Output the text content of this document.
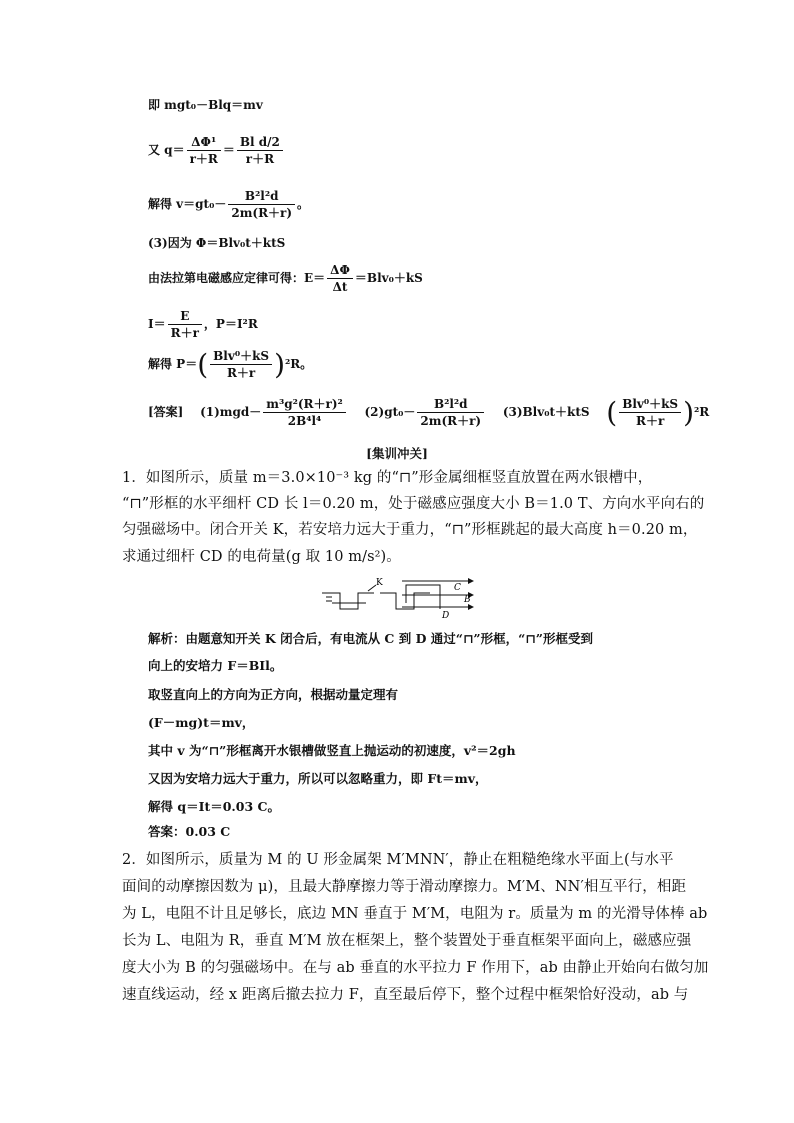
即 mgt₀－Blq＝mv
又 $q= \frac{\text{ΔΦ¹}}{r+R} = \frac{\text{Bl d/2}}{r+R}$
解得 $v=gt_0- \frac{\text{B²l²d}}{2m(R+r)}$ 。
(3)因为 Φ＝Blv₀t＋ktS
由法拉第电磁感应定律可得：$E= \frac{\Delta\Phi}{\Delta t} =Blv_0+kS$
$I= \frac{E}{R+r}$ ，P＝I²R
解得 $P=( \frac{\text{Blv⁰＋kS}}{R+r} )^2R$。
[答案] $(1)mgd- \frac{\text{m³g²(R＋r)²}}{\text{2B⁴l⁴}} (2)gt_0- \frac{\text{B²l²d}}{2m(R+r)} (3)Blv_0t+ktS$ ( $\frac{\text{Blv⁰＋kS}}{R+r} )^2R$
[集训冲关]
1．如图所示，质量 m＝3.0×10⁻³ kg 的“⊓”形金属细框竖直放置在两水银槽中，
“⊓”形框的水平细杆 CD 长 l＝0.20 m，处于磁感应强度大小 B＝1.0 T、方向水平向右的
匀强磁场中。闭合开关 K，若安培力远大于重力，“⊓”形框跳起的最大高度 h＝0.20 m，
求通过细杆 CD 的电荷量(g 取 10 m/s²)。
K	C
B
D
解析：由题意知开关 K 闭合后，有电流从 C 到 D 通过“⊓”形框，“⊓”形框受到
向上的安培力 F＝BIl。
取竖直向上的方向为正方向，根据动量定理有
(F－mg)t＝mv，
其中 v 为“⊓”形框离开水银槽做竖直上抛运动的初速度，v²＝2gh
又因为安培力远大于重力，所以可以忽略重力，即 Ft＝mv，
解得 q＝It＝0.03 C。
答案：0.03 C
2．如图所示，质量为 M 的 U 形金属架 M′MNN′，静止在粗糙绝缘水平面上(与水平
面间的动摩擦因数为 μ)，且最大静摩擦力等于滑动摩擦力。M′M、NN′相互平行，相距
为 L，电阻不计且足够长，底边 MN 垂直于 M′M，电阻为 r。质量为 m 的光滑导体棒 ab
长为 L、电阻为 R，垂直 M′M 放在框架上，整个装置处于垂直框架平面向上，磁感应强
度大小为 B 的匀强磁场中。在与 ab 垂直的水平拉力 F 作用下，ab 由静止开始向右做匀加
速直线运动，经 x 距离后撤去拉力 F，直至最后停下，整个过程中框架恰好没动，ab 与
